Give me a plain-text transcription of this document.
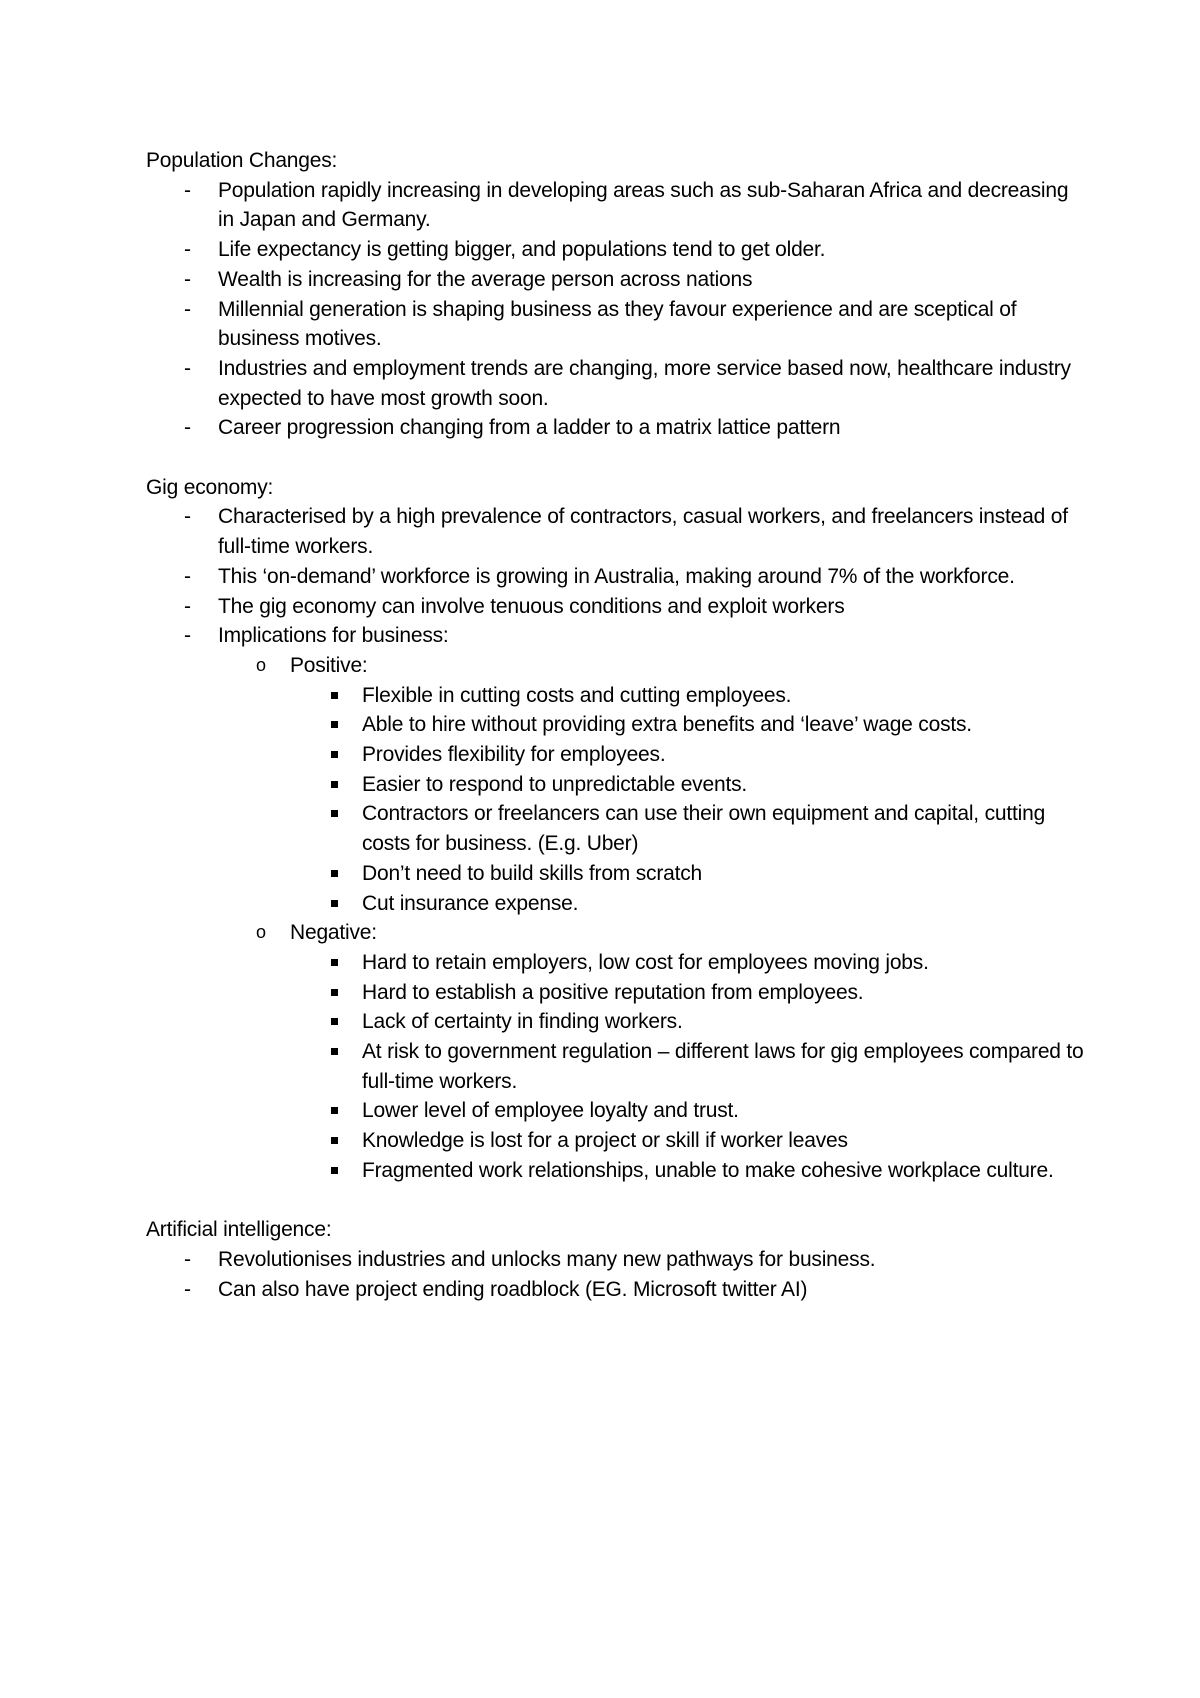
Population Changes:

- Population rapidly increasing in developing areas such as sub-Saharan Africa and decreasing in Japan and Germany.
- Life expectancy is getting bigger, and populations tend to get older.
- Wealth is increasing for the average person across nations
- Millennial generation is shaping business as they favour experience and are sceptical of business motives.
- Industries and employment trends are changing, more service based now, healthcare industry expected to have most growth soon.
- Career progression changing from a ladder to a matrix lattice pattern

Gig economy:

- Characterised by a high prevalence of contractors, casual workers, and freelancers instead of full-time workers.
- This ‘on-demand’ workforce is growing in Australia, making around 7% of the workforce.
- The gig economy can involve tenuous conditions and exploit workers
- Implications for business:
o Positive:
Flexible in cutting costs and cutting employees.
Able to hire without providing extra benefits and ‘leave’ wage costs.
Provides flexibility for employees.
Easier to respond to unpredictable events.
Contractors or freelancers can use their own equipment and capital, cutting costs for business. (E.g. Uber)
Don’t need to build skills from scratch
Cut insurance expense.
o Negative:
Hard to retain employers, low cost for employees moving jobs.
Hard to establish a positive reputation from employees.
Lack of certainty in finding workers.
At risk to government regulation – different laws for gig employees compared to full-time workers.
Lower level of employee loyalty and trust.
Knowledge is lost for a project or skill if worker leaves
Fragmented work relationships, unable to make cohesive workplace culture.

Artificial intelligence:

- Revolutionises industries and unlocks many new pathways for business.
- Can also have project ending roadblock (EG. Microsoft twitter AI)
